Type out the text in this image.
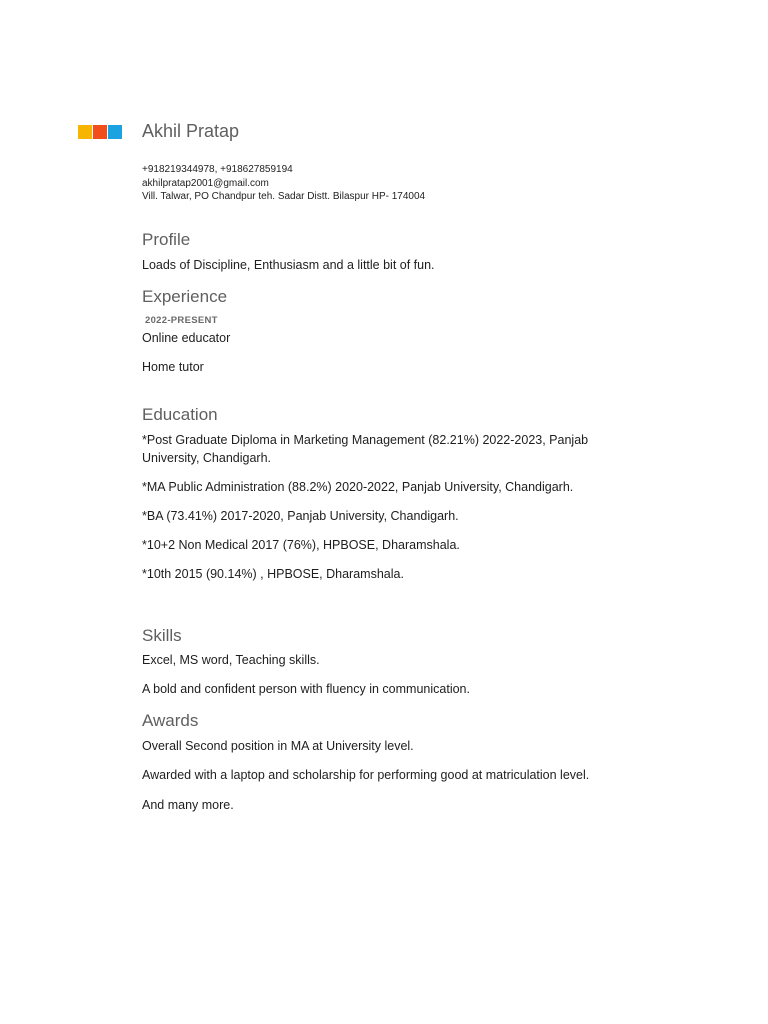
Akhil Pratap
+918219344978, +918627859194
akhilpratap2001@gmail.com
Vill. Talwar, PO Chandpur teh. Sadar Distt. Bilaspur HP- 174004
Profile
Loads of Discipline, Enthusiasm and a little bit of fun.
Experience
2022-PRESENT
Online educator
Home tutor
Education
*Post Graduate Diploma in Marketing Management (82.21%) 2022-2023, Panjab University, Chandigarh.
*MA Public Administration (88.2%) 2020-2022, Panjab University, Chandigarh.
*BA (73.41%) 2017-2020, Panjab University, Chandigarh.
*10+2 Non Medical 2017 (76%), HPBOSE, Dharamshala.
*10th 2015 (90.14%) , HPBOSE, Dharamshala.
Skills
Excel, MS word, Teaching skills.
A bold and confident person with fluency in communication.
Awards
Overall Second position in MA at University level.
Awarded with a laptop and scholarship for performing good at matriculation level.
And many more.
